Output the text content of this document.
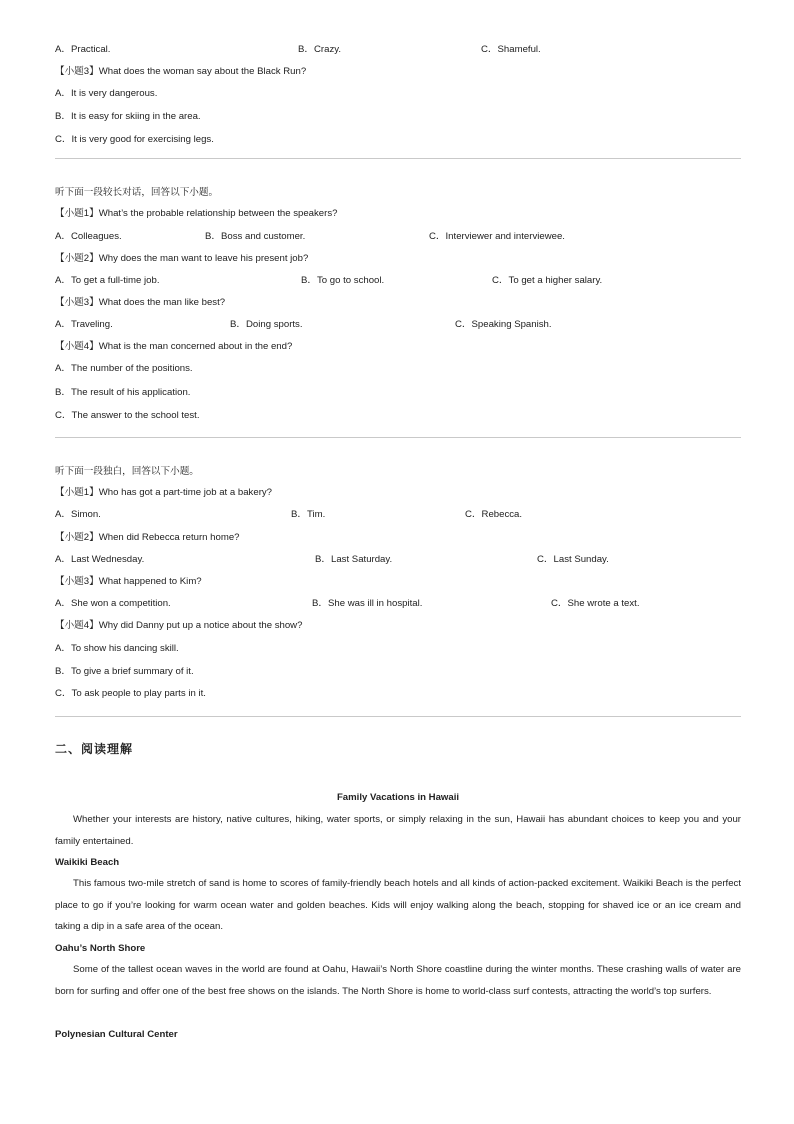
A．Practical.	B．Crazy.	C．Shameful.
【小题3】What does the woman say about the Black Run?
A．It is very dangerous.
B．It is easy for skiing in the area.
C．It is very good for exercising legs.
听下面一段较长对话，回答以下小题。
【小题1】What’s the probable relationship between the speakers?
A．Colleagues.	B．Boss and customer.	C．Interviewer and interviewee.
【小题2】Why does the man want to leave his present job?
A．To get a full-time job.	B．To go to school.	C．To get a higher salary.
【小题3】What does the man like best?
A．Traveling.	B．Doing sports.	C．Speaking Spanish.
【小题4】What is the man concerned about in the end?
A．The number of the positions.
B．The result of his application.
C．The answer to the school test.
听下面一段独白，回答以下小题。
【小题1】Who has got a part-time job at a bakery?
A．Simon.	B．Tim.	C．Rebecca.
【小题2】When did Rebecca return home?
A．Last Wednesday.	B．Last Saturday.	C．Last Sunday.
【小题3】What happened to Kim?
A．She won a competition.	B．She was ill in hospital.	C．She wrote a text.
【小题4】Why did Danny put up a notice about the show?
A．To show his dancing skill.
B．To give a brief summary of it.
C．To ask people to play parts in it.
二、阅读理解
Family Vacations in Hawaii
Whether your interests are history, native cultures, hiking, water sports, or simply relaxing in the sun, Hawaii has abundant choices to keep you and your family entertained.
Waikiki Beach
This famous two-mile stretch of sand is home to scores of family-friendly beach hotels and all kinds of action-packed excitement. Waikiki Beach is the perfect place to go if you’re looking for warm ocean water and golden beaches. Kids will enjoy walking along the beach, stopping for shaved ice or an ice cream and taking a dip in a safe area of the ocean.
Oahu’s North Shore
Some of the tallest ocean waves in the world are found at Oahu, Hawaii’s North Shore coastline during the winter months. These crashing walls of water are born for surfing and offer one of the best free shows on the islands. The North Shore is home to world-class surf contests, attracting the world’s top surfers.
Polynesian Cultural Center
